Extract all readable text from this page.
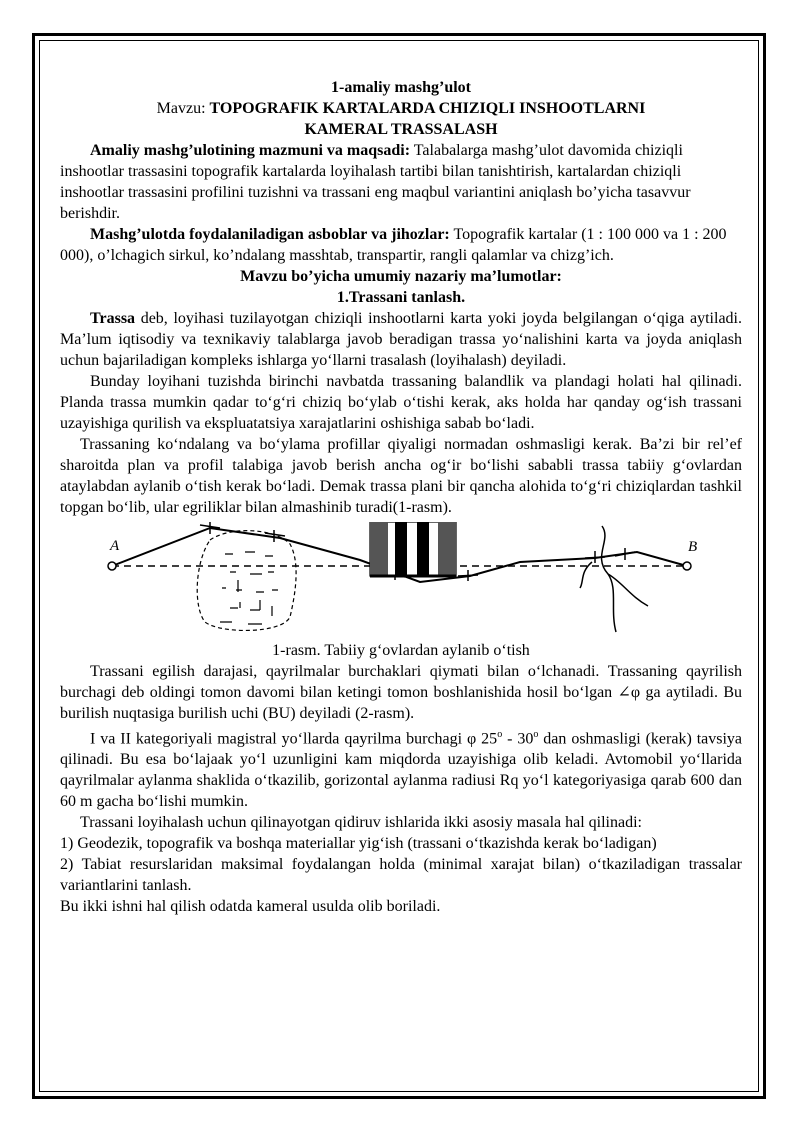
1-amaliy mashg’ulot

Mavzu: TOPOGRAFIK KARTALARDA CHIZIQLI INSHOOTLARNI

KAMERAL TRASSALASH

Amaliy mashg’ulotining mazmuni va maqsadi: Talabalarga mashg’ulot davomida chiziqli inshootlar trassasini topografik kartalarda loyihalash tartibi bilan tanishtirish, kartalardan chiziqli inshootlar trassasini profilini tuzishni va trassani eng maqbul variantini aniqlash bo’yicha tasavvur berishdir.

Mashg’ulotda foydalaniladigan asboblar va jihozlar: Topografik kartalar (1 : 100 000 va 1 : 200 000), o’lchagich sirkul, ko’ndalang masshtab, transpartir, rangli qalamlar va chizg’ich.

Mavzu bo’yicha umumiy nazariy ma’lumotlar:

1.Trassani tanlash.

Trassa deb, loyihasi tuzilayotgan chiziqli inshootlarni karta yoki joyda belgilangan o‘qiga aytiladi. Ma’lum iqtisodiy va texnikaviy talablarga javob beradigan trassa yo‘nalishini karta va joyda aniqlash uchun bajariladigan kompleks ishlarga yo‘llarni trasalash (loyihalash) deyiladi.

Bunday loyihani tuzishda birinchi navbatda trassaning balandlik va plandagi holati hal qilinadi. Planda trassa mumkin qadar to‘g‘ri chiziq bo‘ylab o‘tishi kerak, aks holda har qanday og‘ish trassani uzayishiga qurilish va ekspluatatsiya xarajatlarini oshishiga sabab bo‘ladi.

Trassaning ko‘ndalang va bo‘ylama profillar qiyaligi normadan oshmasligi kerak. Ba’zi bir rel’ef sharoitda plan va profil talabiga javob berish ancha og‘ir bo‘lishi sababli trassa tabiiy g‘ovlardan ataylabdan aylanib o‘tish kerak bo‘ladi. Demak trassa plani bir qancha alohida to‘g‘ri chiziqlardan tashkil topgan bo‘lib, ular egriliklar bilan almashinib turadi(1-rasm).

A	B

1-rasm. Tabiiy g‘ovlardan aylanib o‘tish

Trassani egilish darajasi, qayrilmalar burchaklari qiymati bilan o‘lchanadi. Trassaning qayrilish burchagi deb oldingi tomon davomi bilan ketingi tomon boshlanishida hosil bo‘lgan ∠φ ga aytiladi. Bu burilish nuqtasiga burilish uchi (BU) deyiladi (2-rasm).

I va II kategoriyali magistral yo‘llarda qayrilma burchagi φ 25$^o$ - 30$^o$ dan oshmasligi (kerak) tavsiya qilinadi. Bu esa bo‘lajaak yo‘l uzunligini kam miqdorda uzayishiga olib keladi. Avtomobil yo‘llarida qayrilmalar aylanma shaklida o‘tkazilib, gorizontal aylanma radiusi Rq yo‘l kategoriyasiga qarab 600 dan 60 m gacha bo‘lishi mumkin.

Trassani loyihalash uchun qilinayotgan qidiruv ishlarida ikki asosiy masala hal qilinadi:

1) Geodezik, topografik va boshqa materiallar yig‘ish (trassani o‘tkazishda kerak bo‘ladigan)

2) Tabiat resurslaridan maksimal foydalangan holda (minimal xarajat bilan) o‘tkaziladigan trassalar variantlarini tanlash.

Bu ikki ishni hal qilish odatda kameral usulda olib boriladi.
